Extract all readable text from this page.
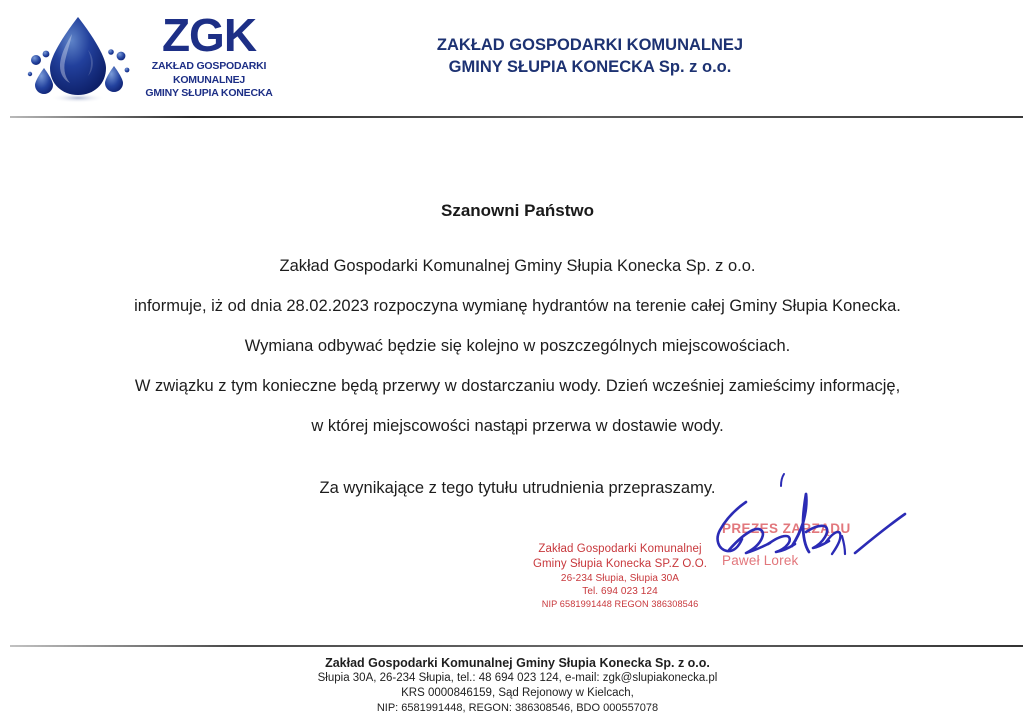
ZGK
ZAKŁAD GOSPODARKI
KOMUNALNEJ
GMINY SŁUPIA KONECKA
ZAKŁAD GOSPODARKI KOMUNALNEJ
GMINY SŁUPIA KONECKA Sp. z o.o.
Szanowni Państwo

Zakład Gospodarki Komunalnej Gminy Słupia Konecka Sp. z o.o.

informuje, iż od dnia 28.02.2023 rozpoczyna wymianę hydrantów na terenie całej Gminy Słupia Konecka.

Wymiana odbywać będzie się kolejno w poszczególnych miejscowościach.

W związku z tym konieczne będą przerwy w dostarczaniu wody. Dzień wcześniej zamieścimy informację,

w której miejscowości nastąpi przerwa w dostawie wody.

Za wynikające z tego tytułu utrudnienia przepraszamy.
Zakład Gospodarki Komunalnej
Gminy Słupia Konecka SP.Z O.O.
26-234 Słupia, Słupia 30A
Tel. 694 023 124
NIP 6581991448 REGON 386308546
PREZES ZARZĄDU
Paweł Lorek
Zakład Gospodarki Komunalnej Gminy Słupia Konecka Sp. z o.o.
Słupia 30A, 26-234 Słupia, tel.: 48 694 023 124, e-mail: zgk@slupiakonecka.pl
KRS 0000846159, Sąd Rejonowy w Kielcach,
NIP: 6581991448, REGON: 386308546, BDO 000557078
